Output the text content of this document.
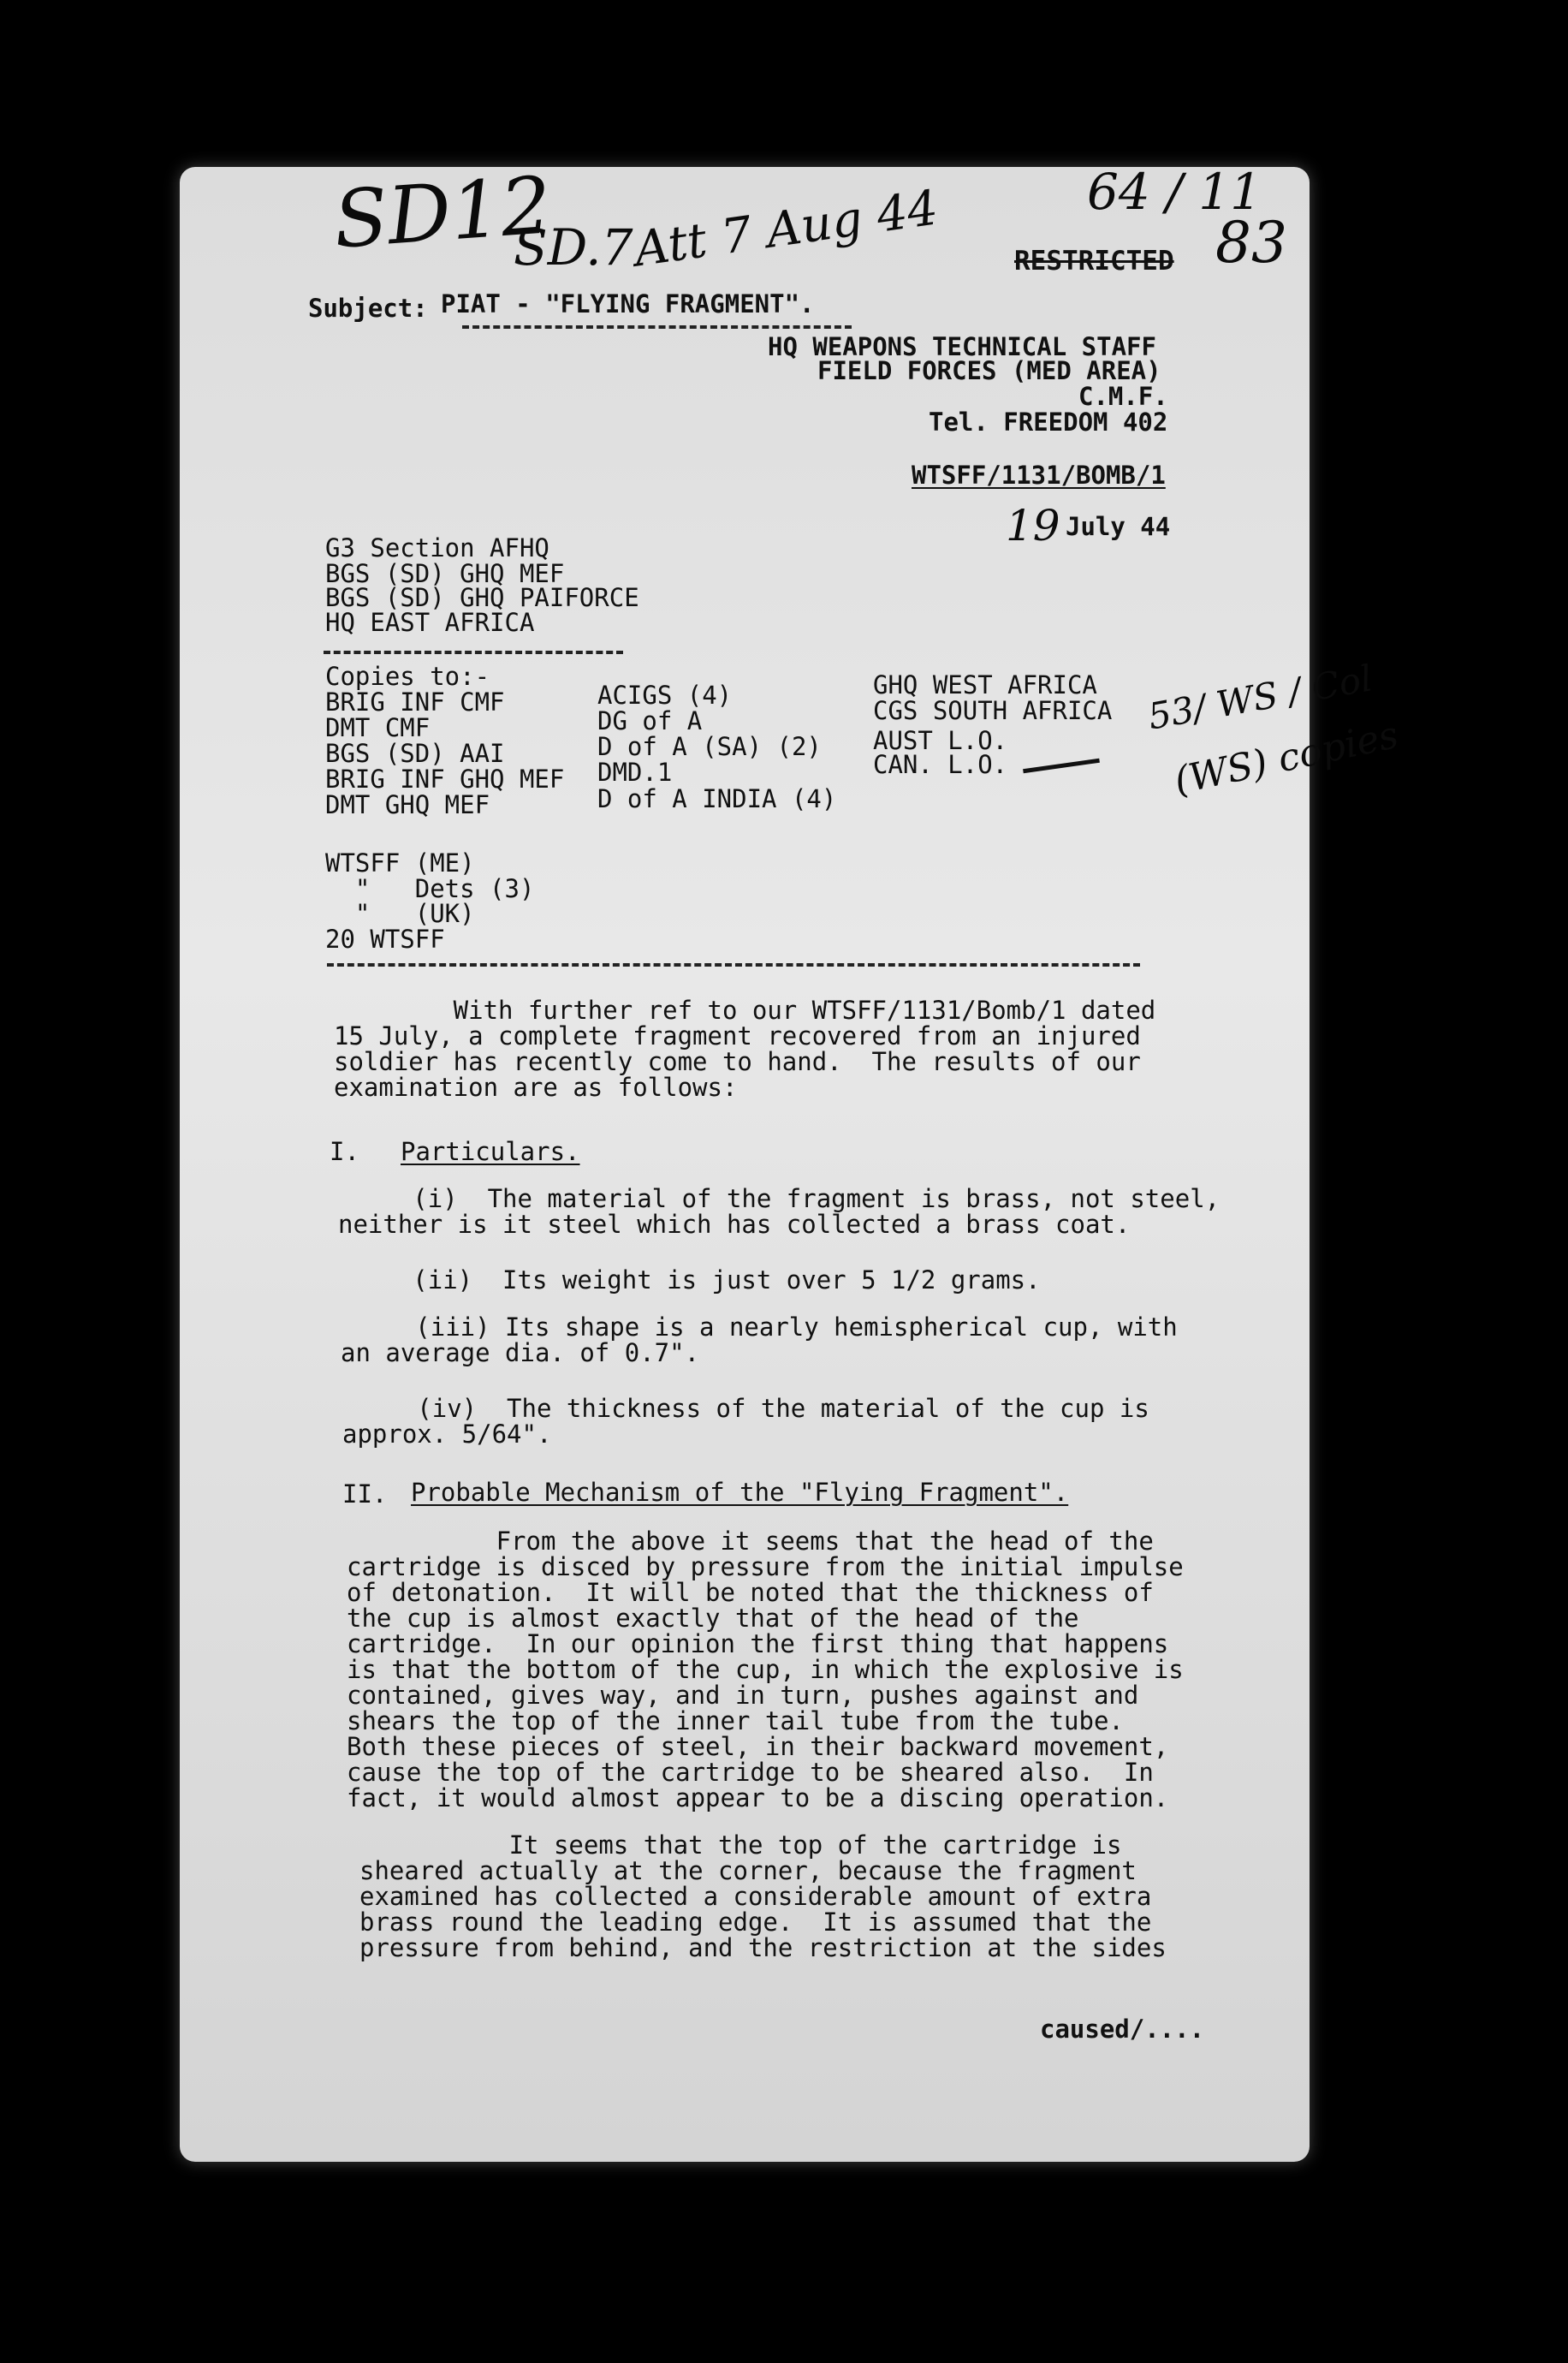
SD12
SD.7
Att 7 Aug 44	64 / 11
83
53/ WS / Col
(WS) copies
RESTRICTED
Subject: PIAT - "FLYING FRAGMENT".
HQ WEAPONS TECHNICAL STAFF
FIELD FORCES (MED AREA)
C.M.F.
Tel. FREEDOM 402
WTSFF/1131/BOMB/1
19 July 44
G3 Section AFHQ
BGS (SD) GHQ MEF
BGS (SD) GHQ PAIFORCE
HQ EAST AFRICA
Copies to:-
BRIG INF CMF
DMT CMF
BGS (SD) AAI
BRIG INF GHQ MEF
DMT GHQ MEF
ACIGS (4)
DG of A
D of A (SA) (2)
DMD.1
D of A INDIA (4)
GHQ WEST AFRICA
CGS SOUTH AFRICA
AUST L.O.
CAN. L.O.
WTSFF (ME)
"   Dets (3)
"   (UK)
20 WTSFF
With further ref to our WTSFF/1131/Bomb/1 dated
15 July, a complete fragment recovered from an injured
soldier has recently come to hand.  The results of our
examination are as follows:
I. Particulars.
(i)  The material of the fragment is brass, not steel,
neither is it steel which has collected a brass coat.
(ii)  Its weight is just over 5 1/2 grams.
(iii) Its shape is a nearly hemispherical cup, with
an average dia. of 0.7".
(iv)  The thickness of the material of the cup is
approx. 5/64".
II. Probable Mechanism of the "Flying Fragment".
From the above it seems that the head of the
cartridge is disced by pressure from the initial impulse
of detonation.  It will be noted that the thickness of
the cup is almost exactly that of the head of the
cartridge.  In our opinion the first thing that happens
is that the bottom of the cup, in which the explosive is
contained, gives way, and in turn, pushes against and
shears the top of the inner tail tube from the tube.
Both these pieces of steel, in their backward movement,
cause the top of the cartridge to be sheared also.  In
fact, it would almost appear to be a discing operation.
It seems that the top of the cartridge is
sheared actually at the corner, because the fragment
examined has collected a considerable amount of extra
brass round the leading edge.  It is assumed that the
pressure from behind, and the restriction at the sides
caused/....
